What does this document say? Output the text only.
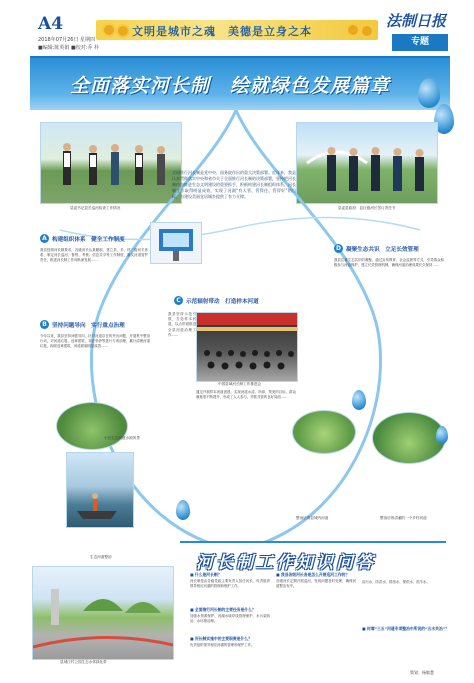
A4
2018年07月26日 星期四
■编辑:陈英娟 ■校对:乔 朴
文明是城市之魂　美德是立身之本
法制日报
专题
全面落实河长制　绘就绿色发展篇章
县委书记县长巡河检查工作情况	县委县政府：县区级河长签订责任书
全面推行河长制是党中央、国务院作出的重大决策部署。近年来，我县认真贯彻落实中央和省市关于全面推行河长制的决策部署，坚持把河长制作为推进生态文明建设的重要抓手，积极构建河长制组织体系，河长制工作取得明显成效，实现了河湖“有人管、管得住、管得好”的目标，为建设美丽宜居城乡提供了有力支撑。
A 构建组织体系　健全工作制度
我县按照河长制要求，各级河长认真履职，建立县、乡、村三级河长体系，制定河长巡河、督察、考核、信息共享等工作制度，落实河道管护责任，推进河长制工作向纵深发展……
B 坚持问题导向　实行重点治理
今年以来，我县坚持问题导向，针对河道存在的突出问题，开展集中整治行动，对河道垃圾、违章建筑、非法采砂等进行专项治理，累计清理河道垃圾，拆除违章建筑，河道面貌明显改善……
C 示范辐射带动　打造样本河道
我县坚持示范引领，打造样本河道，以点带面推进全县河道治理工作……
中国县域河长制工作推进会
通过开展样本河道创建，实现河道水清、岸绿、景美的目标，群众满意度不断提升，形成了人人参与、齐抓共管的良好局面……
D 凝聚生态共识　立足长效管理
我县注重生态共识的凝聚，通过宣传教育、社会监督等方式，引导群众积极参与河道保护，建立长效管理机制，确保河道治理成果长久保持……
小区生态河道水源风景
生态河道整治
整治后的县城内河道	整治后的清澈的一个乡村河道
县城江村公园生态水体绿化带
河长制工作知识问答
■ 什么是河长制？
河长制是由各级党政主要负责人担任河长，负责组织领导相应河湖的管理和保护工作。
■ 全面推行河长制的主要任务是什么？
加强水资源保护、河湖水域岸线管理保护、水污染防治、水环境治理。
■ 河长制实施中的主要职责是什么？
负责组织领导相应河湖的管理和保护工作。
■ 我县各级河长各是怎么开展巡河工作的？
各级河长定期开展巡河，发现问题及时处理，确保河道整洁有序。
■ 何谓“三五”河道专项整治中所说的“五水共治”？
治污水、防洪水、排涝水、保供水、抓节水。
策划：杨敏慧
